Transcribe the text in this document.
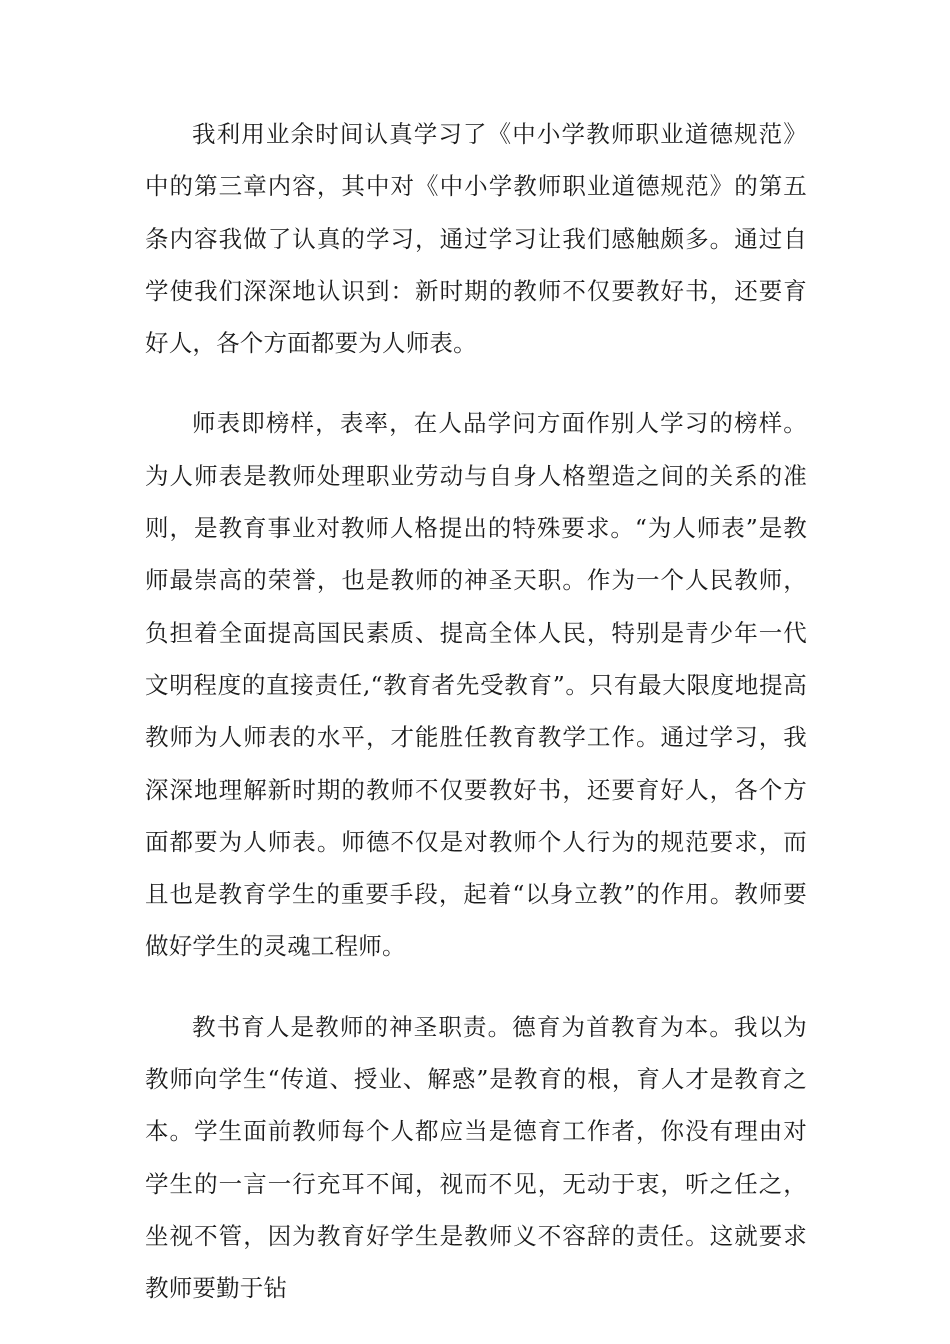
我利用业余时间认真学习了《中小学教师职业道德规范》中的第三章内容，其中对《中小学教师职业道德规范》的第五条内容我做了认真的学习，通过学习让我们感触颇多。通过自学使我们深深地认识到：新时期的教师不仅要教好书，还要育好人，各个方面都要为人师表。

师表即榜样，表率，在人品学问方面作别人学习的榜样。为人师表是教师处理职业劳动与自身人格塑造之间的关系的准则，是教育事业对教师人格提出的特殊要求。“为人师表”是教师最崇高的荣誉，也是教师的神圣天职。作为一个人民教师，负担着全面提高国民素质、提高全体人民，特别是青少年一代文明程度的直接责任,“教育者先受教育”。只有最大限度地提高教师为人师表的水平，才能胜任教育教学工作。通过学习，我深深地理解新时期的教师不仅要教好书，还要育好人，各个方面都要为人师表。师德不仅是对教师个人行为的规范要求，而且也是教育学生的重要手段，起着“以身立教”的作用。教师要做好学生的灵魂工程师。

教书育人是教师的神圣职责。德育为首教育为本。我以为教师向学生“传道、授业、解惑”是教育的根，育人才是教育之本。学生面前教师每个人都应当是德育工作者，你没有理由对学生的一言一行充耳不闻，视而不见，无动于衷，听之任之，坐视不管，因为教育好学生是教师义不容辞的责任。这就要求教师要勤于钻
